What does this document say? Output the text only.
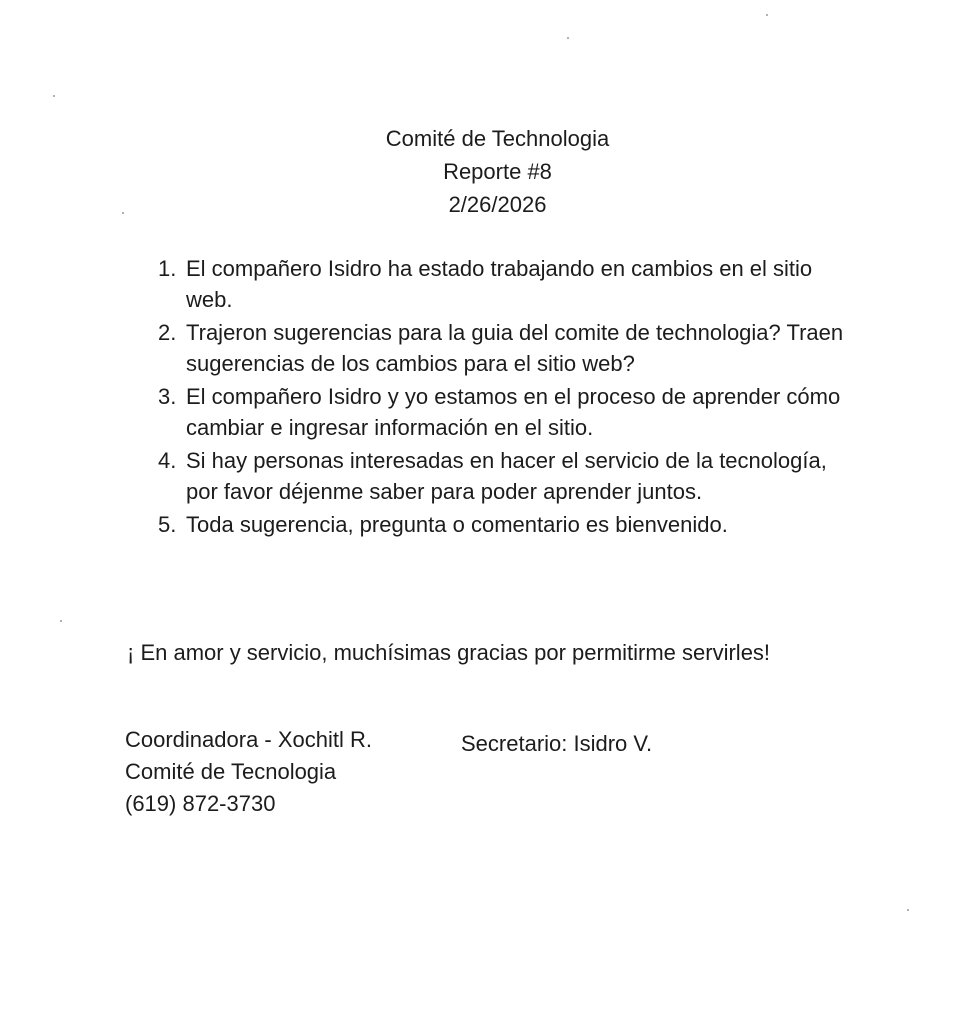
Comité de Technologia
Reporte #8
2/26/2026
1. El compañero Isidro ha estado trabajando en cambios en el sitio web.
2. Trajeron sugerencias para la guia del comite de technologia? Traen sugerencias de los cambios para el sitio web?
3. El compañero Isidro y yo estamos en el proceso de aprender cómo cambiar e ingresar información en el sitio.
4. Si hay personas interesadas en hacer el servicio de la tecnología, por favor déjenme saber para poder aprender juntos.
5. Toda sugerencia, pregunta o comentario es bienvenido.
¡ En amor y servicio, muchísimas gracias por permitirme servirles!
Coordinadora - Xochitl R.
Comité de Tecnologia
(619) 872-3730
Secretario: Isidro V.
